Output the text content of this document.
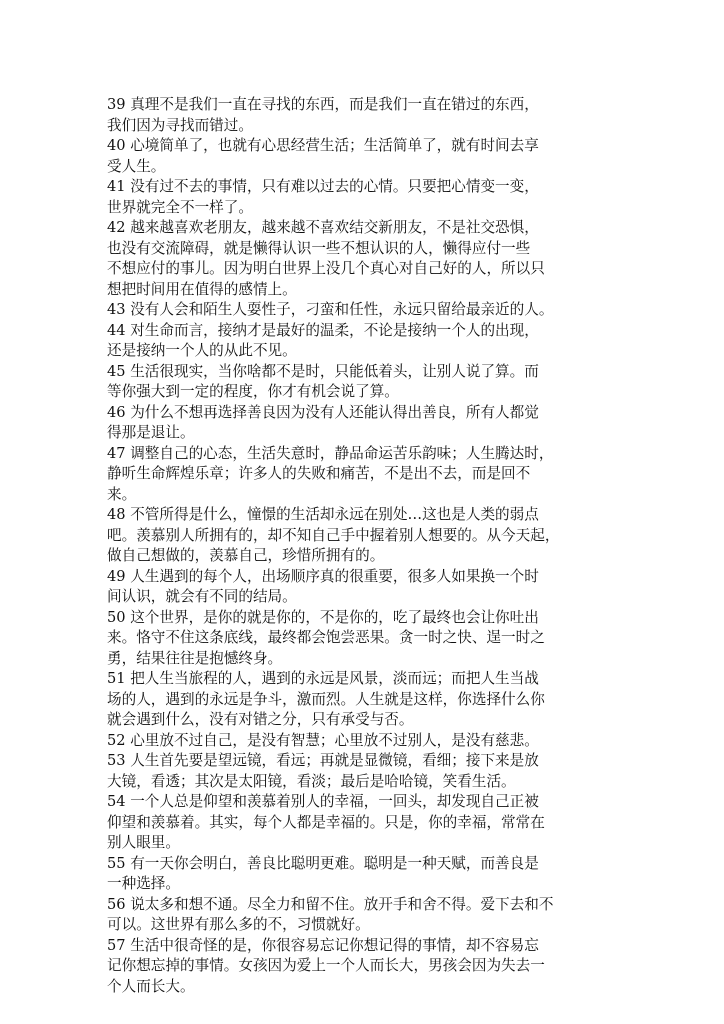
39 真理不是我们一直在寻找的东西，而是我们一直在错过的东西，
我们因为寻找而错过。
40 心境简单了，也就有心思经营生活；生活简单了，就有时间去享
受人生。
41 没有过不去的事情，只有难以过去的心情。只要把心情变一变，
世界就完全不一样了。
42 越来越喜欢老朋友，越来越不喜欢结交新朋友，不是社交恐惧，
也没有交流障碍，就是懒得认识一些不想认识的人，懒得应付一些
不想应付的事儿。因为明白世界上没几个真心对自己好的人，所以只
想把时间用在值得的感情上。
43 没有人会和陌生人耍性子，刁蛮和任性，永远只留给最亲近的人。
44 对生命而言，接纳才是最好的温柔，不论是接纳一个人的出现，
还是接纳一个人的从此不见。
45 生活很现实，当你啥都不是时，只能低着头，让别人说了算。而
等你强大到一定的程度，你才有机会说了算。
46 为什么不想再选择善良因为没有人还能认得出善良，所有人都觉
得那是退让。
47 调整自己的心态，生活失意时，静品命运苦乐韵味；人生腾达时，
静听生命辉煌乐章；许多人的失败和痛苦，不是出不去，而是回不
来。
48 不管所得是什么，憧憬的生活却永远在别处…这也是人类的弱点
吧。羡慕别人所拥有的，却不知自己手中握着别人想要的。从今天起，
做自己想做的，羡慕自己，珍惜所拥有的。
49 人生遇到的每个人，出场顺序真的很重要，很多人如果换一个时
间认识，就会有不同的结局。
50 这个世界，是你的就是你的，不是你的，吃了最终也会让你吐出
来。恪守不住这条底线，最终都会饱尝恶果。贪一时之快、逞一时之
勇，结果往往是抱憾终身。
51 把人生当旅程的人，遇到的永远是风景，淡而远；而把人生当战
场的人，遇到的永远是争斗，激而烈。人生就是这样，你选择什么你
就会遇到什么，没有对错之分，只有承受与否。
52 心里放不过自己，是没有智慧；心里放不过别人，是没有慈悲。
53 人生首先要是望远镜，看远；再就是显微镜，看细；接下来是放
大镜，看透；其次是太阳镜，看淡；最后是哈哈镜，笑看生活。
54 一个人总是仰望和羡慕着别人的幸福，一回头，却发现自己正被
仰望和羡慕着。其实，每个人都是幸福的。只是，你的幸福，常常在
别人眼里。
55 有一天你会明白，善良比聪明更难。聪明是一种天赋，而善良是
一种选择。
56 说太多和想不通。尽全力和留不住。放开手和舍不得。爱下去和不
可以。这世界有那么多的不，习惯就好。
57 生活中很奇怪的是，你很容易忘记你想记得的事情，却不容易忘
记你想忘掉的事情。女孩因为爱上一个人而长大，男孩会因为失去一
个人而长大。
